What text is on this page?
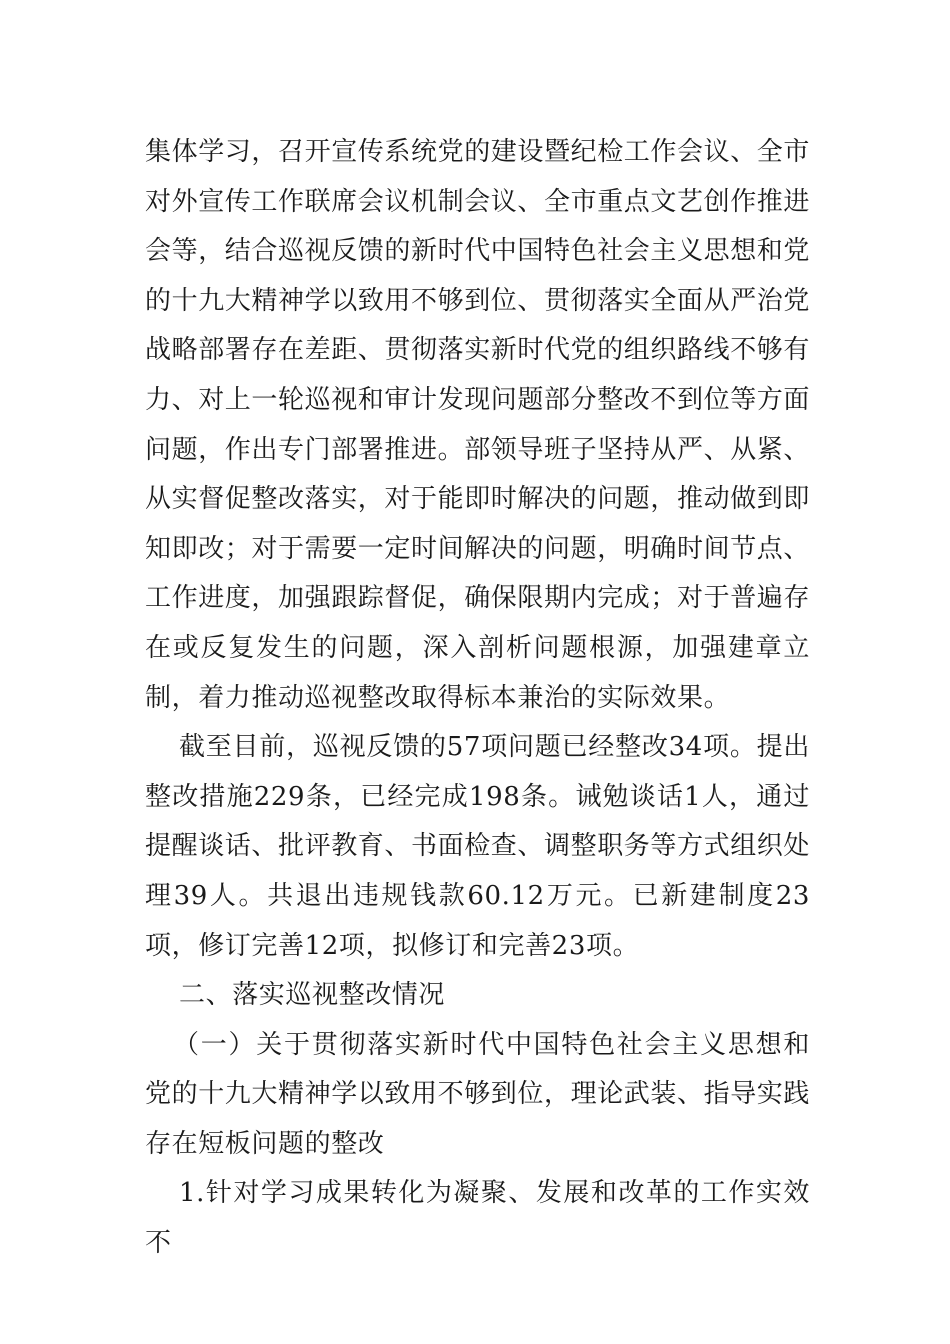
集体学习，召开宣传系统党的建设暨纪检工作会议、全市对外宣传工作联席会议机制会议、全市重点文艺创作推进会等，结合巡视反馈的新时代中国特色社会主义思想和党的十九大精神学以致用不够到位、贯彻落实全面从严治党战略部署存在差距、贯彻落实新时代党的组织路线不够有力、对上一轮巡视和审计发现问题部分整改不到位等方面问题，作出专门部署推进。部领导班子坚持从严、从紧、从实督促整改落实，对于能即时解决的问题，推动做到即知即改；对于需要一定时间解决的问题，明确时间节点、工作进度，加强跟踪督促，确保限期内完成；对于普遍存在或反复发生的问题，深入剖析问题根源，加强建章立制，着力推动巡视整改取得标本兼治的实际效果。

截至目前，巡视反馈的57项问题已经整改34项。提出整改措施229条，已经完成198条。诫勉谈话1人，通过提醒谈话、批评教育、书面检查、调整职务等方式组织处理39人。共退出违规钱款60.12万元。已新建制度23项，修订完善12项，拟修订和完善23项。

二、落实巡视整改情况

（一）关于贯彻落实新时代中国特色社会主义思想和党的十九大精神学以致用不够到位，理论武装、指导实践存在短板问题的整改

1.针对学习成果转化为凝聚、发展和改革的工作实效不
